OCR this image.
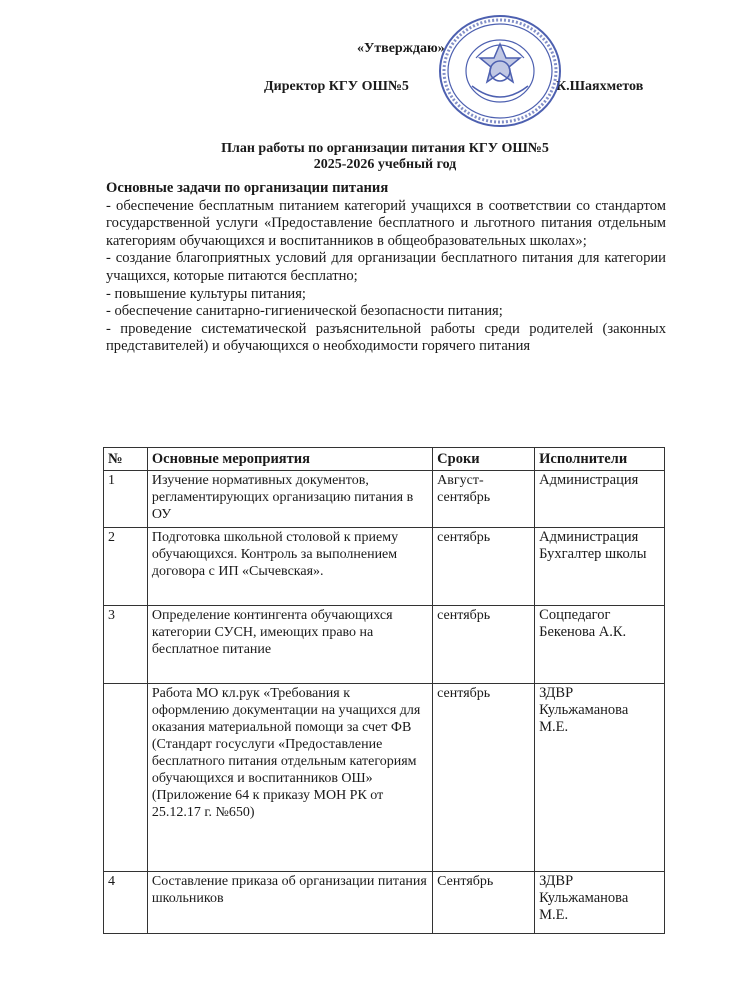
«Утверждаю»
Директор КГУ ОШ№5	К.Шаяхметов
План работы по организации питания КГУ ОШ№5
2025-2026 учебный год

Основные задачи по организации питания

- обеспечение бесплатным питанием категорий учащихся в соответствии со стандартом государственной услуги «Предоставление бесплатного и льготного питания отдельным категориям обучающихся и воспитанников в общеобразовательных школах»;

- создание благоприятных условий для организации бесплатного питания для категории учащихся, которые питаются бесплатно;

- повышение культуры питания;

- обеспечение санитарно-гигиенической безопасности питания;

- проведение систематической разъяснительной работы среди родителей (законных представителей) и обучающихся о необходимости горячего питания

№	Основные мероприятия	Сроки	Исполнители
1	Изучение нормативных документов, регламентирующих организацию питания в ОУ	Август-сентябрь	Администрация
2	Подготовка школьной столовой к приему обучающихся. Контроль за выполнением договора с ИП «Сычевская».	сентябрь	Администрация Бухгалтер школы
3	Определение контингента обучающихся категории СУСН, имеющих право на бесплатное питание	сентябрь	Соцпедагог Бекенова А.К.
	Работа МО кл.рук «Требования к оформлению документации на учащихся для оказания материальной помощи за счет ФВ (Стандарт госуслуги «Предоставление бесплатного питания отдельным категориям обучающихся и воспитанников ОШ» (Приложение 64 к приказу МОН РК от 25.12.17 г. №650)	сентябрь	ЗДВР Кульжаманова М.Е.
4	Составление приказа об организации питания школьников	Сентябрь	ЗДВР Кульжаманова М.Е.
